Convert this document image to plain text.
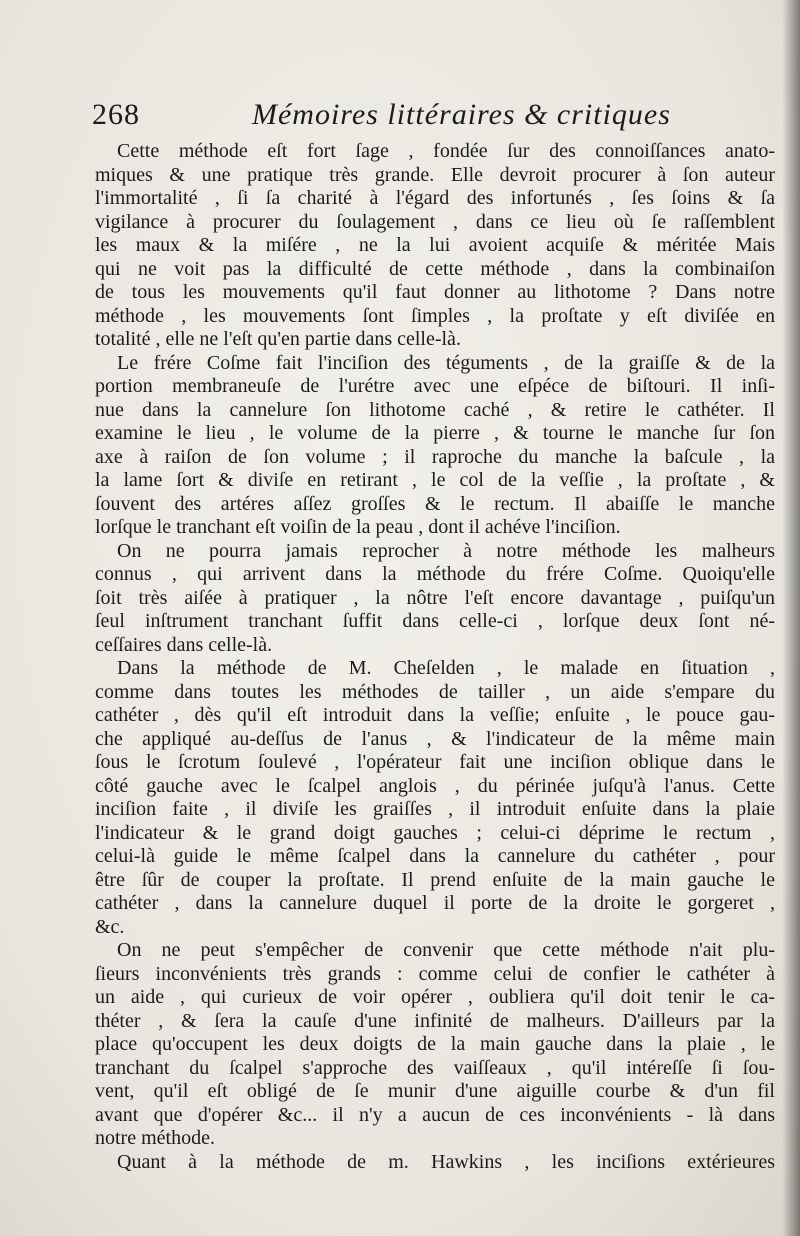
268	Mémoires littéraires & critiques
Cette méthode eſt fort ſage , fondée ſur des connoiſſances anato-
miques & une pratique très grande. Elle devroit procurer à ſon auteur
l'immortalité , ſi ſa charité à l'égard des infortunés , ſes ſoins & ſa
vigilance à procurer du ſoulagement , dans ce lieu où ſe raſſemblent
les maux & la miſére , ne la lui avoient acquiſe & méritée Mais
qui ne voit pas la difficulté de cette méthode , dans la combinaiſon
de tous les mouvements qu'il faut donner au lithotome ? Dans notre
méthode , les mouvements ſont ſimples , la proſtate y eſt diviſée en
totalité , elle ne l'eſt qu'en partie dans celle-là.
Le frére Coſme fait l'inciſion des téguments , de la graiſſe & de la
portion membraneuſe de l'urétre avec une eſpéce de biſtouri. Il inſi-
nue dans la cannelure ſon lithotome caché , & retire le cathéter. Il
examine le lieu , le volume de la pierre , & tourne le manche ſur ſon
axe à raiſon de ſon volume ; il raproche du manche la baſcule , la
la lame ſort & diviſe en retirant , le col de la veſſie , la proſtate , &
ſouvent des artéres aſſez groſſes & le rectum. Il abaiſſe le manche
lorſque le tranchant eſt voiſin de la peau , dont il achéve l'inciſion.
On ne pourra jamais reprocher à notre méthode les malheurs
connus , qui arrivent dans la méthode du frére Coſme. Quoiqu'elle
ſoit très aiſée à pratiquer , la nôtre l'eſt encore davantage , puiſqu'un
ſeul inſtrument tranchant ſuffit dans celle-ci , lorſque deux ſont né-
ceſſaires dans celle-là.
Dans la méthode de M. Cheſelden , le malade en ſituation ,
comme dans toutes les méthodes de tailler , un aide s'empare du
cathéter , dès qu'il eſt introduit dans la veſſie; enſuite , le pouce gau-
che appliqué au-deſſus de l'anus , & l'indicateur de la même main
ſous le ſcrotum ſoulevé , l'opérateur fait une inciſion oblique dans le
côté gauche avec le ſcalpel anglois , du périnée juſqu'à l'anus. Cette
inciſion faite , il diviſe les graiſſes , il introduit enſuite dans la plaie
l'indicateur & le grand doigt gauches ; celui-ci déprime le rectum ,
celui-là guide le même ſcalpel dans la cannelure du cathéter , pour
être ſûr de couper la proſtate. Il prend enſuite de la main gauche le
cathéter , dans la cannelure duquel il porte de la droite le gorgeret ,
&c.
On ne peut s'empêcher de convenir que cette méthode n'ait plu-
ſieurs inconvénients très grands : comme celui de confier le cathéter à
un aide , qui curieux de voir opérer , oubliera qu'il doit tenir le ca-
théter , & ſera la cauſe d'une infinité de malheurs. D'ailleurs par la
place qu'occupent les deux doigts de la main gauche dans la plaie , le
tranchant du ſcalpel s'approche des vaiſſeaux , qu'il intéreſſe ſi ſou-
vent, qu'il eſt obligé de ſe munir d'une aiguille courbe & d'un fil
avant que d'opérer &c... il n'y a aucun de ces inconvénients - là dans
notre méthode.
Quant à la méthode de m. Hawkins , les inciſions extérieures
